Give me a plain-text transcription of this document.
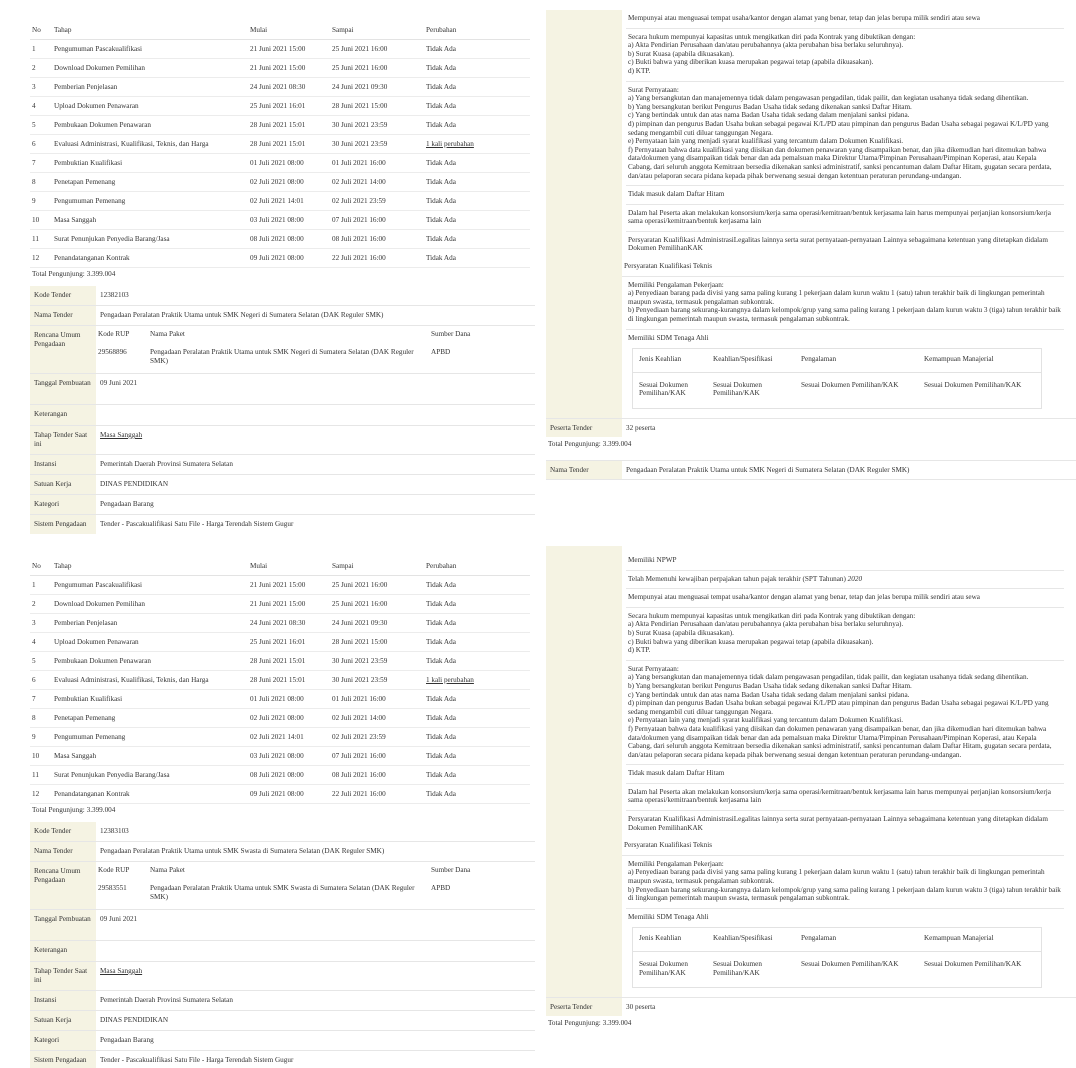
No	Tahap	Mulai	Sampai	Perubahan
1	Pengumuman Pascakualifikasi	21 Juni 2021 15:00	25 Juni 2021 16:00	Tidak Ada
2	Download Dokumen Pemilihan	21 Juni 2021 15:00	25 Juni 2021 16:00	Tidak Ada
3	Pemberian Penjelasan	24 Juni 2021 08:30	24 Juni 2021 09:30	Tidak Ada
4	Upload Dokumen Penawaran	25 Juni 2021 16:01	28 Juni 2021 15:00	Tidak Ada
5	Pembukaan Dokumen Penawaran	28 Juni 2021 15:01	30 Juni 2021 23:59	Tidak Ada
6	Evaluasi Administrasi, Kualifikasi, Teknis, dan Harga	28 Juni 2021 15:01	30 Juni 2021 23:59	1 kali perubahan
7	Pembuktian Kualifikasi	01 Juli 2021 08:00	01 Juli 2021 16:00	Tidak Ada
8	Penetapan Pemenang	02 Juli 2021 08:00	02 Juli 2021 14:00	Tidak Ada
9	Pengumuman Pemenang	02 Juli 2021 14:01	02 Juli 2021 23:59	Tidak Ada
10	Masa Sanggah	03 Juli 2021 08:00	07 Juli 2021 16:00	Tidak Ada
11	Surat Penunjukan Penyedia Barang/Jasa	08 Juli 2021 08:00	08 Juli 2021 16:00	Tidak Ada
12	Penandatanganan Kontrak	09 Juli 2021 08:00	22 Juli 2021 16:00	Tidak Ada
Total Pengunjung: 3.399.004
Kode Tender	12382103
Nama Tender	Pengadaan Peralatan Praktik Utama untuk SMK Negeri di Sumatera Selatan (DAK Reguler SMK)
Rencana Umum Pengadaan	
Kode RUP	Nama Paket	Sumber Dana
29568896	Pengadaan Peralatan Praktik Utama untuk SMK Negeri di Sumatera Selatan (DAK Reguler SMK)	APBD

Tanggal Pembuatan	09 Juni 2021
Keterangan	
Tahap Tender Saat ini	Masa Sanggah
Instansi	Pemerintah Daerah Provinsi Sumatera Selatan
Satuan Kerja	DINAS PENDIDIKAN
Kategori	Pengadaan Barang
Sistem Pengadaan	Tender - Pascakualifikasi Satu File - Harga Terendah Sistem Gugur
No	Tahap	Mulai	Sampai	Perubahan
1	Pengumuman Pascakualifikasi	21 Juni 2021 15:00	25 Juni 2021 16:00	Tidak Ada
2	Download Dokumen Pemilihan	21 Juni 2021 15:00	25 Juni 2021 16:00	Tidak Ada
3	Pemberian Penjelasan	24 Juni 2021 08:30	24 Juni 2021 09:30	Tidak Ada
4	Upload Dokumen Penawaran	25 Juni 2021 16:01	28 Juni 2021 15:00	Tidak Ada
5	Pembukaan Dokumen Penawaran	28 Juni 2021 15:01	30 Juni 2021 23:59	Tidak Ada
6	Evaluasi Administrasi, Kualifikasi, Teknis, dan Harga	28 Juni 2021 15:01	30 Juni 2021 23:59	1 kali perubahan
7	Pembuktian Kualifikasi	01 Juli 2021 08:00	01 Juli 2021 16:00	Tidak Ada
8	Penetapan Pemenang	02 Juli 2021 08:00	02 Juli 2021 14:00	Tidak Ada
9	Pengumuman Pemenang	02 Juli 2021 14:01	02 Juli 2021 23:59	Tidak Ada
10	Masa Sanggah	03 Juli 2021 08:00	07 Juli 2021 16:00	Tidak Ada
11	Surat Penunjukan Penyedia Barang/Jasa	08 Juli 2021 08:00	08 Juli 2021 16:00	Tidak Ada
12	Penandatanganan Kontrak	09 Juli 2021 08:00	22 Juli 2021 16:00	Tidak Ada
Total Pengunjung: 3.399.004
Kode Tender	12383103
Nama Tender	Pengadaan Peralatan Praktik Utama untuk SMK Swasta di Sumatera Selatan (DAK Reguler SMK)
Rencana Umum Pengadaan	
Kode RUP	Nama Paket	Sumber Dana
29583551	Pengadaan Peralatan Praktik Utama untuk SMK Swasta di Sumatera Selatan (DAK Reguler SMK)	APBD

Tanggal Pembuatan	09 Juni 2021
Keterangan	
Tahap Tender Saat ini	Masa Sanggah
Instansi	Pemerintah Daerah Provinsi Sumatera Selatan
Satuan Kerja	DINAS PENDIDIKAN
Kategori	Pengadaan Barang
Sistem Pengadaan	Tender - Pascakualifikasi Satu File - Harga Terendah Sistem Gugur

Mempunyai atau menguasai tempat usaha/kantor dengan alamat yang benar, tetap dan jelas berupa milik sendiri atau sewa
Secara hukum mempunyai kapasitas untuk mengikatkan diri pada Kontrak yang dibuktikan dengan:
a) Akta Pendirian Perusahaan dan/atau perubahannya (akta perubahan bisa berlaku seluruhnya).
b) Surat Kuasa (apabila dikuasakan).
c) Bukti bahwa yang diberikan kuasa merupakan pegawai tetap (apabila dikuasakan).
d) KTP.
Surat Pernyataan:
a) Yang bersangkutan dan manajemennya tidak dalam pengawasan pengadilan, tidak pailit, dan kegiatan usahanya tidak sedang dihentikan.
b) Yang bersangkutan berikut Pengurus Badan Usaha tidak sedang dikenakan sanksi Daftar Hitam.
c) Yang bertindak untuk dan atas nama Badan Usaha tidak sedang dalam menjalani sanksi pidana.
d) pimpinan dan pengurus Badan Usaha bukan sebagai pegawai K/L/PD atau pimpinan dan pengurus Badan Usaha sebagai pegawai K/L/PD yang sedang mengambil cuti diluar tanggungan Negara.
e) Pernyataan lain yang menjadi syarat kualifikasi yang tercantum dalam Dokumen Kualifikasi.
f) Pernyataan bahwa data kualifikasi yang diisikan dan dokumen penawaran yang disampaikan benar, dan jika dikemudian hari ditemukan bahwa data/dokumen yang disampaikan tidak benar dan ada pemalsuan maka Direktur Utama/Pimpinan Perusahaan/Pimpinan Koperasi, atau Kepala Cabang, dari seluruh anggota Kemitraan bersedia dikenakan sanksi administratif, sanksi pencantuman dalam Daftar Hitam, gugatan secara perdata, dan/atau pelaporan secara pidana kepada pihak berwenang sesuai dengan ketentuan peraturan perundang-undangan.
Tidak masuk dalam Daftar Hitam
Dalam hal Peserta akan melakukan konsorsium/kerja sama operasi/kemitraan/bentuk kerjasama lain harus mempunyai perjanjian konsorsium/kerja sama operasi/kemitraan/bentuk kerjasama lain
Persyaratan Kualifikasi AdministrasiLegalitas lainnya serta surat pernyataan-pernyataan Lainnya sebagaimana ketentuan yang ditetapkan didalam Dokumen PemilihanKAK
Persyaratan Kualifikasi Teknis
Memiliki Pengalaman Pekerjaan:
a) Penyediaan barang pada divisi yang sama paling kurang 1 pekerjaan dalam kurun waktu 1 (satu) tahun terakhir baik di lingkungan pemerintah maupun swasta, termasuk pengalaman subkontrak.
b) Penyediaan barang sekurang-kurangnya dalam kelompok/grup yang sama paling kurang 1 pekerjaan dalam kurun waktu 3 (tiga) tahun terakhir baik di lingkungan pemerintah maupun swasta, termasuk pengalaman subkontrak.
Memiliki SDM Tenaga Ahli
Jenis Keahlian	Keahlian/Spesifikasi	Pengalaman	Kemampuan Manajerial
Sesuai Dokumen Pemilihan/KAK	Sesuai Dokumen Pemilihan/KAK	Sesuai Dokumen Pemilihan/KAK	Sesuai Dokumen Pemilihan/KAK

Peserta Tender	32 peserta
Total Pengunjung: 3.399.004
Nama Tender	Pengadaan Peralatan Praktik Utama untuk SMK Negeri di Sumatera Selatan (DAK Reguler SMK)

Memiliki NPWP
Telah Memenuhi kewajiban perpajakan tahun pajak terakhir (SPT Tahunan) 2020
Mempunyai atau menguasai tempat usaha/kantor dengan alamat yang benar, tetap dan jelas berupa milik sendiri atau sewa
Secara hukum mempunyai kapasitas untuk mengikatkan diri pada Kontrak yang dibuktikan dengan:
a) Akta Pendirian Perusahaan dan/atau perubahannya (akta perubahan bisa berlaku seluruhnya).
b) Surat Kuasa (apabila dikuasakan).
c) Bukti bahwa yang diberikan kuasa merupakan pegawai tetap (apabila dikuasakan).
d) KTP.
Surat Pernyataan:
a) Yang bersangkutan dan manajemennya tidak dalam pengawasan pengadilan, tidak pailit, dan kegiatan usahanya tidak sedang dihentikan.
b) Yang bersangkutan berikut Pengurus Badan Usaha tidak sedang dikenakan sanksi Daftar Hitam.
c) Yang bertindak untuk dan atas nama Badan Usaha tidak sedang dalam menjalani sanksi pidana.
d) pimpinan dan pengurus Badan Usaha bukan sebagai pegawai K/L/PD atau pimpinan dan pengurus Badan Usaha sebagai pegawai K/L/PD yang sedang mengambil cuti diluar tanggungan Negara.
e) Pernyataan lain yang menjadi syarat kualifikasi yang tercantum dalam Dokumen Kualifikasi.
f) Pernyataan bahwa data kualifikasi yang diisikan dan dokumen penawaran yang disampaikan benar, dan jika dikemudian hari ditemukan bahwa data/dokumen yang disampaikan tidak benar dan ada pemalsuan maka Direktur Utama/Pimpinan Perusahaan/Pimpinan Koperasi, atau Kepala Cabang, dari seluruh anggota Kemitraan bersedia dikenakan sanksi administratif, sanksi pencantuman dalam Daftar Hitam, gugatan secara perdata, dan/atau pelaporan secara pidana kepada pihak berwenang sesuai dengan ketentuan peraturan perundang-undangan.
Tidak masuk dalam Daftar Hitam
Dalam hal Peserta akan melakukan konsorsium/kerja sama operasi/kemitraan/bentuk kerjasama lain harus mempunyai perjanjian konsorsium/kerja sama operasi/kemitraan/bentuk kerjasama lain
Persyaratan Kualifikasi AdministrasiLegalitas lainnya serta surat pernyataan-pernyataan Lainnya sebagaimana ketentuan yang ditetapkan didalam Dokumen PemilihanKAK
Persyaratan Kualifikasi Teknis
Memiliki Pengalaman Pekerjaan:
a) Penyediaan barang pada divisi yang sama paling kurang 1 pekerjaan dalam kurun waktu 1 (satu) tahun terakhir baik di lingkungan pemerintah maupun swasta, termasuk pengalaman subkontrak.
b) Penyediaan barang sekurang-kurangnya dalam kelompok/grup yang sama paling kurang 1 pekerjaan dalam kurun waktu 3 (tiga) tahun terakhir baik di lingkungan pemerintah maupun swasta, termasuk pengalaman subkontrak.
Memiliki SDM Tenaga Ahli
Jenis Keahlian	Keahlian/Spesifikasi	Pengalaman	Kemampuan Manajerial
Sesuai Dokumen Pemilihan/KAK	Sesuai Dokumen Pemilihan/KAK	Sesuai Dokumen Pemilihan/KAK	Sesuai Dokumen Pemilihan/KAK

Peserta Tender	30 peserta
Total Pengunjung: 3.399.004
